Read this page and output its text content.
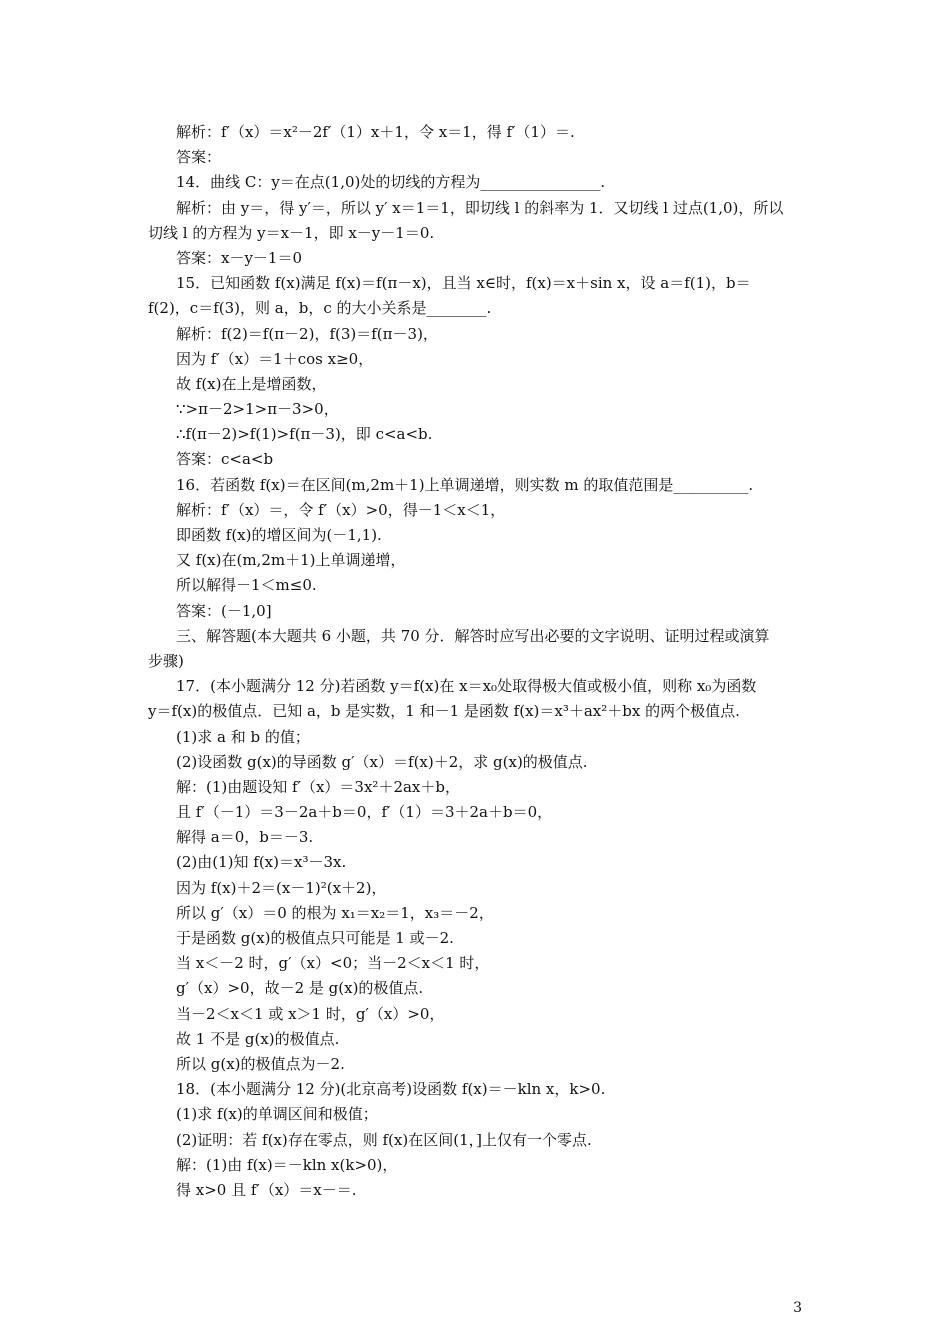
解析：f′（x）＝x²－2f′（1）x＋1，令 x＝1，得 f′（1）＝.
答案：
14．曲线 C：y＝在点(1,0)处的切线的方程为________________.
解析：由 y＝，得 y′＝，所以 y′ x＝1＝1，即切线 l 的斜率为 1．又切线 l 过点(1,0)，所以
切线 l 的方程为 y＝x－1，即 x－y－1＝0.
答案：x－y－1＝0
15．已知函数 f(x)满足 f(x)＝f(π－x)，且当 x∈时，f(x)＝x＋sin x，设 a＝f(1)，b＝
f(2)，c＝f(3)，则 a，b，c 的大小关系是________.
解析：f(2)＝f(π－2)，f(3)＝f(π－3)，
因为 f′（x）＝1＋cos x≥0，
故 f(x)在上是增函数，
∵>π－2>1>π－3>0，
∴f(π－2)>f(1)>f(π－3)，即 c<a<b.
答案：c<a<b
16．若函数 f(x)＝在区间(m,2m＋1)上单调递增，则实数 m 的取值范围是__________.
解析：f′（x）＝，令 f′（x）>0，得－1＜x＜1，
即函数 f(x)的增区间为(－1,1).
又 f(x)在(m,2m＋1)上单调递增，
所以解得－1＜m≤0.
答案：(－1,0]
三、解答题(本大题共 6 小题，共 70 分．解答时应写出必要的文字说明、证明过程或演算
步骤)
17．(本小题满分 12 分)若函数 y＝f(x)在 x＝x₀处取得极大值或极小值，则称 x₀为函数
y＝f(x)的极值点．已知 a，b 是实数，1 和－1 是函数 f(x)＝x³＋ax²＋bx 的两个极值点.
(1)求 a 和 b 的值；
(2)设函数 g(x)的导函数 g′（x）＝f(x)＋2，求 g(x)的极值点.
解：(1)由题设知 f′（x）＝3x²＋2ax＋b，
且 f′（－1）＝3－2a＋b＝0，f′（1）＝3＋2a＋b＝0，
解得 a＝0，b＝－3.
(2)由(1)知 f(x)＝x³－3x.
因为 f(x)＋2＝(x－1)²(x＋2)，
所以 g′（x）＝0 的根为 x₁＝x₂＝1，x₃＝－2，
于是函数 g(x)的极值点只可能是 1 或－2.
当 x＜－2 时，g′（x）<0；当－2＜x＜1 时，
g′（x）>0，故－2 是 g(x)的极值点.
当－2＜x＜1 或 x＞1 时，g′（x）>0，
故 1 不是 g(x)的极值点.
所以 g(x)的极值点为－2.
18．(本小题满分 12 分)(北京高考)设函数 f(x)＝－kln x，k>0.
(1)求 f(x)的单调区间和极值；
(2)证明：若 f(x)存在零点，则 f(x)在区间(1，]上仅有一个零点.
解：(1)由 f(x)＝－kln x(k>0)，
得 x>0 且 f′（x）＝x－＝.
3
